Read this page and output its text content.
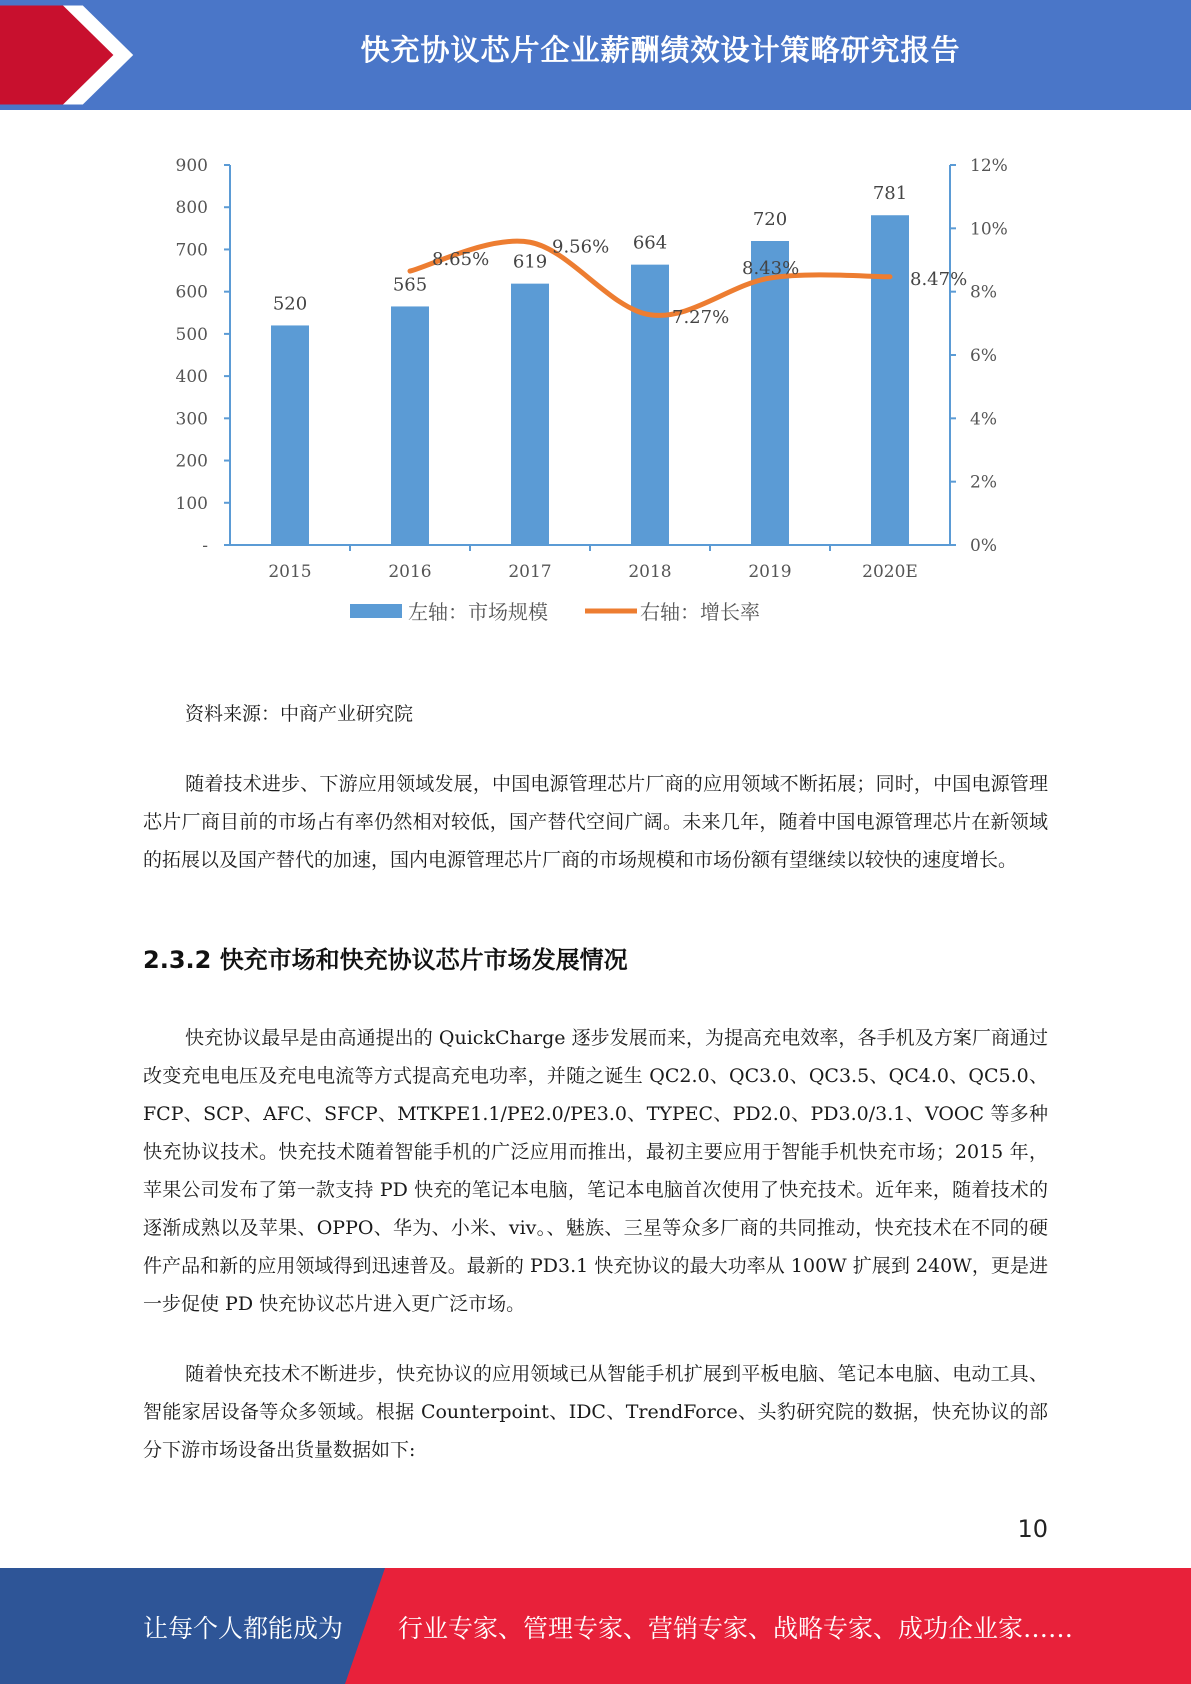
快充协议芯片企业薪酬绩效设计策略研究报告
-
100
200
300
400
500
600
700
800
900
0%
2%
4%
6%
8%
10%
12%
2015	2016	2017	2018	2019	2020E
520
565
619
664
720
781
8.65%
9.56%
7.27%
8.43%
8.47%
左轴：市场规模	右轴：增长率
资料来源：中商产业研究院
随着技术进步、下游应用领域发展，中国电源管理芯片厂商的应用领域不断拓展；同时，中国电源管理芯片厂商目前的市场占有率仍然相对较低，国产替代空间广阔。未来几年，随着中国电源管理芯片在新领域的拓展以及国产替代的加速，国内电源管理芯片厂商的市场规模和市场份额有望继续以较快的速度增长。
2.3.2 快充市场和快充协议芯片市场发展情况
快充协议最早是由高通提出的 QuickCharge 逐步发展而来，为提高充电效率，各手机及方案厂商通过改变充电电压及充电电流等方式提高充电功率，并随之诞生 QC2.0、QC3.0、QC3.5、QC4.0、QC5.0、FCP、SCP、AFC、SFCP、MTKPE1.1/PE2.0/PE3.0、TYPEC、PD2.0、PD3.0/3.1、VOOC 等多种快充协议技术。快充技术随着智能手机的广泛应用而推出，最初主要应用于智能手机快充市场；2015 年，苹果公司发布了第一款支持 PD 快充的笔记本电脑，笔记本电脑首次使用了快充技术。近年来，随着技术的逐渐成熟以及苹果、OPPO、华为、小米、viv。、魅族、三星等众多厂商的共同推动，快充技术在不同的硬件产品和新的应用领域得到迅速普及。最新的 PD3.1 快充协议的最大功率从 100W 扩展到 240W，更是进一步促使 PD 快充协议芯片进入更广泛市场。
随着快充技术不断进步，快充协议的应用领域已从智能手机扩展到平板电脑、笔记本电脑、电动工具、智能家居设备等众多领域。根据 Counterpoint、IDC、TrendForce、头豹研究院的数据，快充协议的部分下游市场设备出货量数据如下:
10
让每个人都能成为 行业专家、管理专家、营销专家、战略专家、成功企业家……
